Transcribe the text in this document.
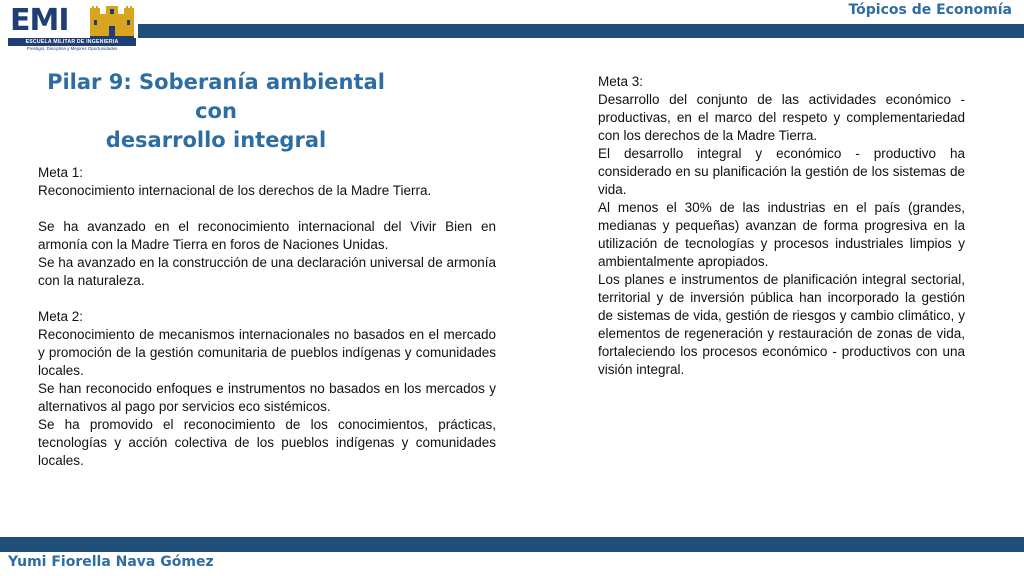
Tópicos de Economía
EMI
ESCUELA MILITAR DE INGENIERIA
Prestigio, Disciplina y Mejores Oportunidades
Pilar 9: Soberanía ambiental con
desarrollo integral

Meta 1:

Reconocimiento internacional de los derechos de la Madre Tierra.

Se ha avanzado en el reconocimiento internacional del Vivir Bien en armonía con la Madre Tierra en foros de Naciones Unidas.

Se ha avanzado en la construcción de una declaración universal de armonía con la naturaleza.

Meta 2:

Reconocimiento de mecanismos internacionales no basados en el mercado y promoción de la gestión comunitaria de pueblos indígenas y comunidades locales.

Se han reconocido enfoques e instrumentos no basados en los mercados y alternativos al pago por servicios eco sistémicos.

Se ha promovido el reconocimiento de los conocimientos, prácticas, tecnologías y acción colectiva de los pueblos indígenas y comunidades locales.

Meta 3:

Desarrollo del conjunto de las actividades económico - productivas, en el marco del respeto y complementariedad con los derechos de la Madre Tierra.

El desarrollo integral y económico - productivo ha considerado en su planificación la gestión de los sistemas de vida.

Al menos el 30% de las industrias en el país (grandes, medianas y pequeñas) avanzan de forma progresiva en la utilización de tecnologías y procesos industriales limpios y ambientalmente apropiados.

Los planes e instrumentos de planificación integral sectorial, territorial y de inversión pública han incorporado la gestión de sistemas de vida, gestión de riesgos y cambio climático, y elementos de regeneración y restauración de zonas de vida, fortaleciendo los procesos económico - productivos con una visión integral.

Yumi Fiorella Nava Gómez
